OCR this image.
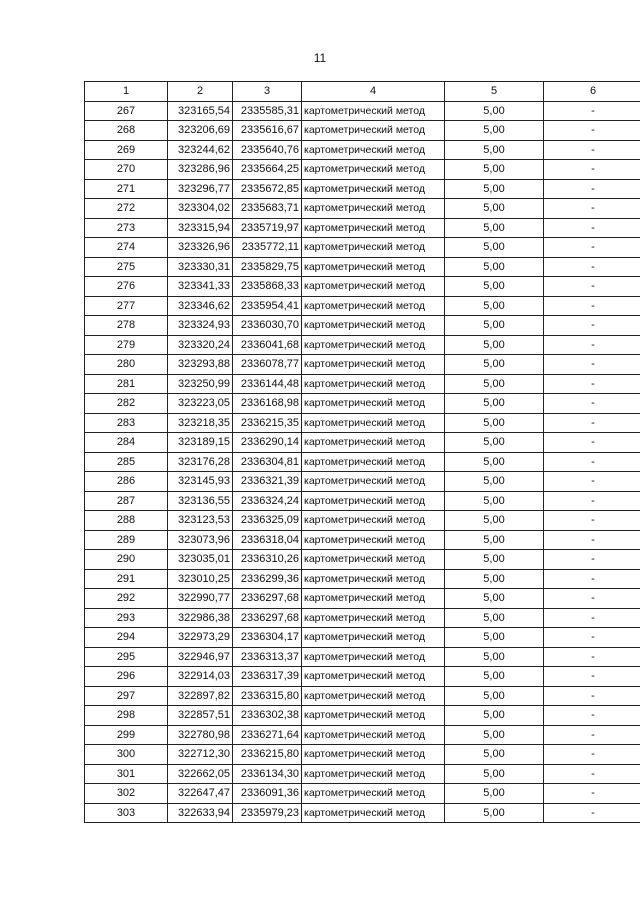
11
1	2	3	4	5	6
267	323165,54	2335585,31	картометрический метод	5,00	-
268	323206,69	2335616,67	картометрический метод	5,00	-
269	323244,62	2335640,76	картометрический метод	5,00	-
270	323286,96	2335664,25	картометрический метод	5,00	-
271	323296,77	2335672,85	картометрический метод	5,00	-
272	323304,02	2335683,71	картометрический метод	5,00	-
273	323315,94	2335719,97	картометрический метод	5,00	-
274	323326,96	2335772,11	картометрический метод	5,00	-
275	323330,31	2335829,75	картометрический метод	5,00	-
276	323341,33	2335868,33	картометрический метод	5,00	-
277	323346,62	2335954,41	картометрический метод	5,00	-
278	323324,93	2336030,70	картометрический метод	5,00	-
279	323320,24	2336041,68	картометрический метод	5,00	-
280	323293,88	2336078,77	картометрический метод	5,00	-
281	323250,99	2336144,48	картометрический метод	5,00	-
282	323223,05	2336168,98	картометрический метод	5,00	-
283	323218,35	2336215,35	картометрический метод	5,00	-
284	323189,15	2336290,14	картометрический метод	5,00	-
285	323176,28	2336304,81	картометрический метод	5,00	-
286	323145,93	2336321,39	картометрический метод	5,00	-
287	323136,55	2336324,24	картометрический метод	5,00	-
288	323123,53	2336325,09	картометрический метод	5,00	-
289	323073,96	2336318,04	картометрический метод	5,00	-
290	323035,01	2336310,26	картометрический метод	5,00	-
291	323010,25	2336299,36	картометрический метод	5,00	-
292	322990,77	2336297,68	картометрический метод	5,00	-
293	322986,38	2336297,68	картометрический метод	5,00	-
294	322973,29	2336304,17	картометрический метод	5,00	-
295	322946,97	2336313,37	картометрический метод	5,00	-
296	322914,03	2336317,39	картометрический метод	5,00	-
297	322897,82	2336315,80	картометрический метод	5,00	-
298	322857,51	2336302,38	картометрический метод	5,00	-
299	322780,98	2336271,64	картометрический метод	5,00	-
300	322712,30	2336215,80	картометрический метод	5,00	-
301	322662,05	2336134,30	картометрический метод	5,00	-
302	322647,47	2336091,36	картометрический метод	5,00	-
303	322633,94	2335979,23	картометрический метод	5,00	-
